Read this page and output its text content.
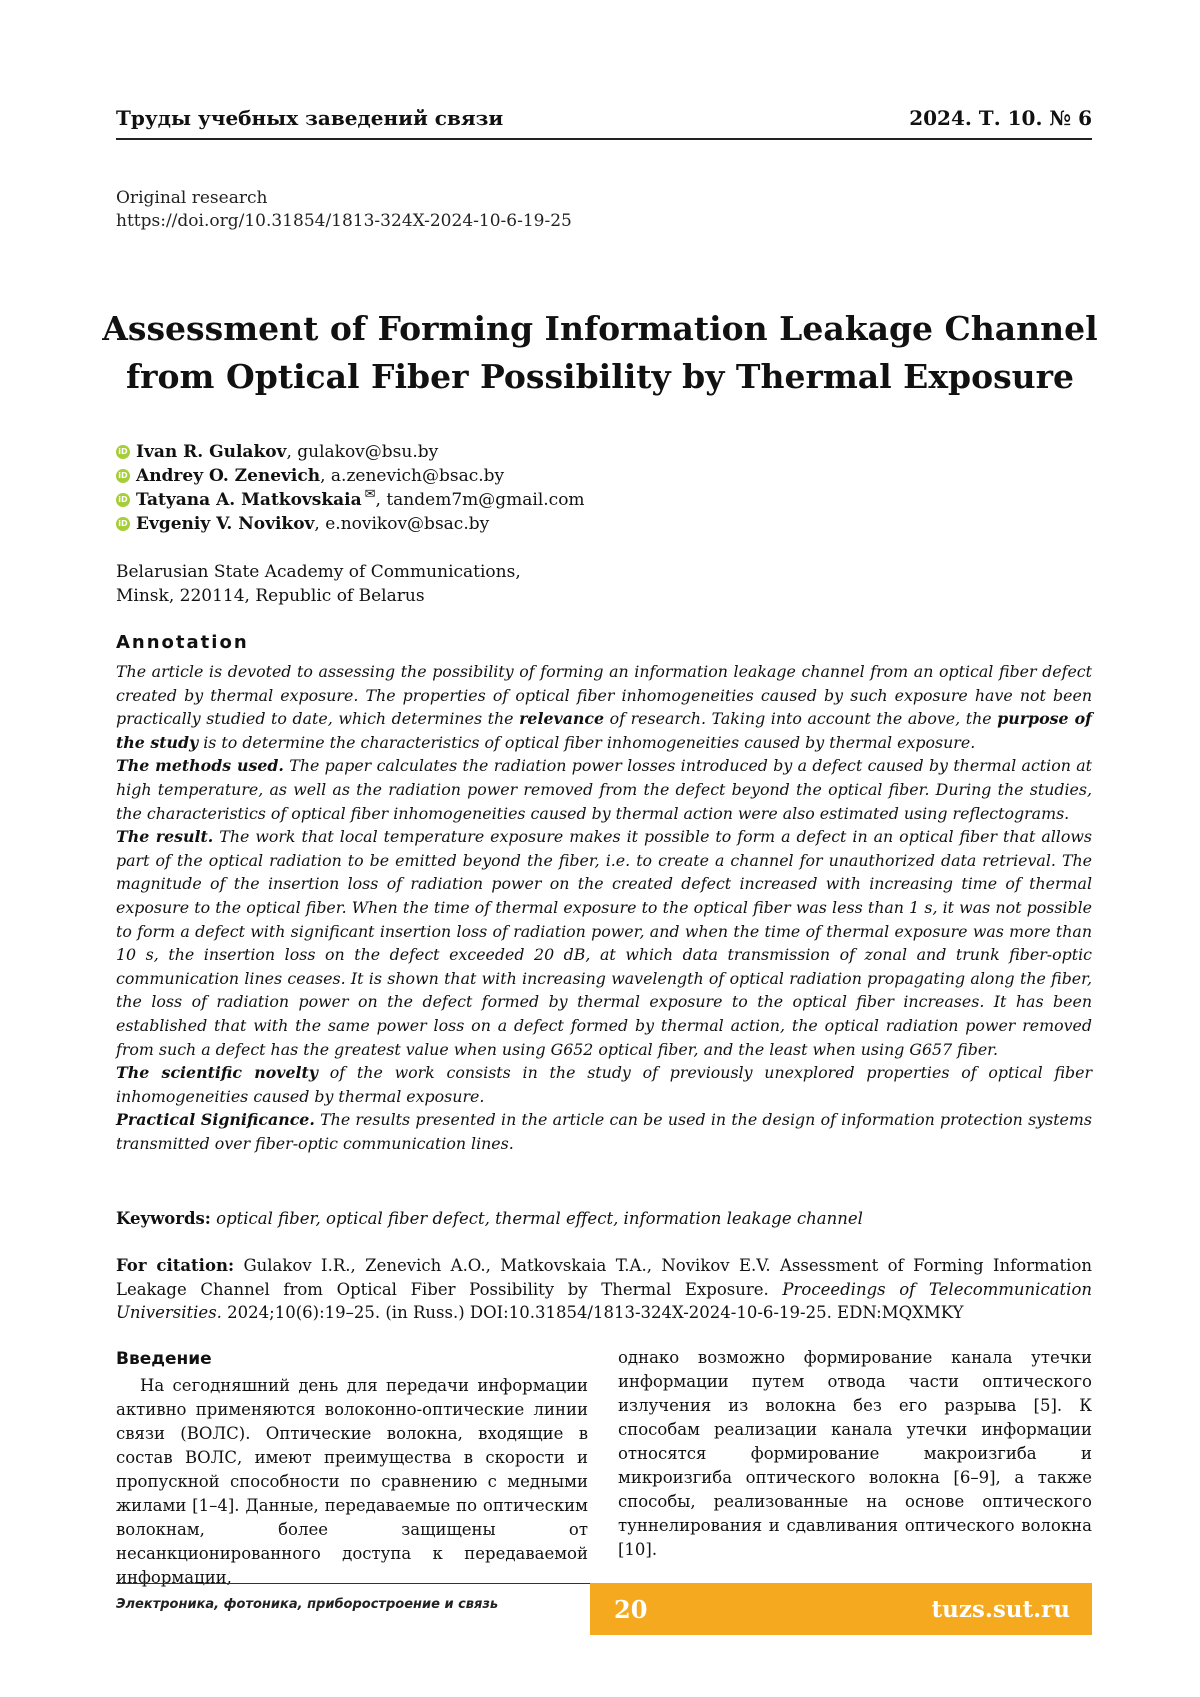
Труды учебных заведений связи	2024. Т. 10. № 6
Original research
https://doi.org/10.31854/1813-324X-2024-10-6-19-25
Assessment of Forming Information Leakage Channel
from Optical Fiber Possibility by Thermal Exposure
iD Ivan R. Gulakov , gulakov@bsu.by
iD Andrey O. Zenevich , a.zenevich@bsac.by
iD Tatyana A. Matkovskaia ✉ , tandem7m@gmail.com
iD Evgeniy V. Novikov , e.novikov@bsac.by
Belarusian State Academy of Communications,
Minsk, 220114, Republic of Belarus
Annotation

The article is devoted to assessing the possibility of forming an information leakage channel from an optical fiber defect created by thermal exposure. The properties of optical fiber inhomogeneities caused by such exposure have not been practically studied to date, which determines the relevance of research. Taking into account the above, the purpose of the study is to determine the characteristics of optical fiber inhomogeneities caused by thermal exposure.

The methods used. The paper calculates the radiation power losses introduced by a defect caused by thermal action at high temperature, as well as the radiation power removed from the defect beyond the optical fiber. During the studies, the characteristics of optical fiber inhomogeneities caused by thermal action were also estimated using reflectograms.

The result. The work that local temperature exposure makes it possible to form a defect in an optical fiber that allows part of the optical radiation to be emitted beyond the fiber, i.e. to create a channel for unauthorized data retrieval. The magnitude of the insertion loss of radiation power on the created defect increased with increasing time of thermal exposure to the optical fiber. When the time of thermal exposure to the optical fiber was less than 1 s, it was not possible to form a defect with significant insertion loss of radiation power, and when the time of thermal exposure was more than 10 s, the insertion loss on the defect exceeded 20 dB, at which data transmission of zonal and trunk fiber-optic communication lines ceases. It is shown that with increasing wavelength of optical radiation propagating along the fiber, the loss of radiation power on the defect formed by thermal exposure to the optical fiber increases. It has been established that with the same power loss on a defect formed by thermal action, the optical radiation power removed from such a defect has the greatest value when using G652 optical fiber, and the least when using G657 fiber.

The scientific novelty of the work consists in the study of previously unexplored properties of optical fiber inhomogeneities caused by thermal exposure.

Practical Significance. The results presented in the article can be used in the design of information protection systems transmitted over fiber-optic communication lines.

Keywords: optical fiber, optical fiber defect, thermal effect, information leakage channel
For citation: Gulakov I.R., Zenevich A.O., Matkovskaia T.A., Novikov E.V. Assessment of Forming Information Leakage Channel from Optical Fiber Possibility by Thermal Exposure. Proceedings of Telecommunication Universities. 2024;10(6):19–25. (in Russ.) DOI:10.31854/1813-324X-2024-10-6-19-25. EDN:MQXMKY
Введение
На сегодняшний день для передачи информации активно применяются волоконно-оптические линии связи (ВОЛС). Оптические волокна, входящие в состав ВОЛС, имеют преимущества в скорости и пропускной способности по сравнению с медными жилами [1–4]. Данные, передаваемые по оптическим волокнам, более защищены от несанкционированного доступа к передаваемой информации,
однако возможно формирование канала утечки информации путем отвода части оптического излучения из волокна без его разрыва [5]. К способам реализации канала утечки информации относятся формирование макроизгиба и микроизгиба оптического волокна [6–9], а также способы, реализованные на основе оптического туннелирования и сдавливания оптического волокна [10].
Электроника, фотоника, приборостроение и связь	20	tuzs.sut.ru
